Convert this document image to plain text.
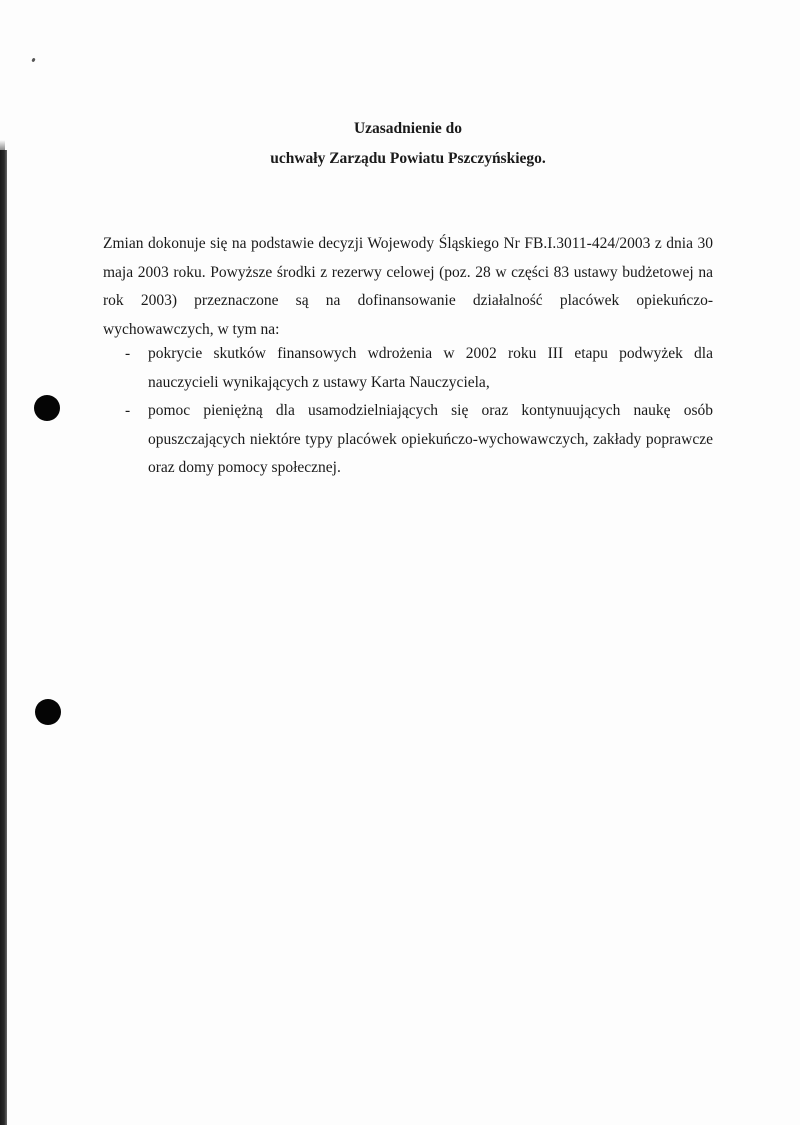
Uzasadnienie do
uchwały Zarządu Powiatu Pszczyńskiego.

Zmian dokonuje się na podstawie decyzji Wojewody Śląskiego Nr FB.I.3011-424/2003 z dnia 30 maja 2003 roku. Powyższe środki z rezerwy celowej (poz. 28 w części 83 ustawy budżetowej na rok 2003) przeznaczone są na dofinansowanie działalność placówek opiekuńczo-wychowawczych, w tym na:

- pokrycie skutków finansowych wdrożenia w 2002 roku III etapu podwyżek dla nauczycieli wynikających z ustawy Karta Nauczyciela,
- pomoc pieniężną dla usamodzielniających się oraz kontynuujących naukę osób opuszczających niektóre typy placówek opiekuńczo-wychowawczych, zakłady poprawcze oraz domy pomocy społecznej.
